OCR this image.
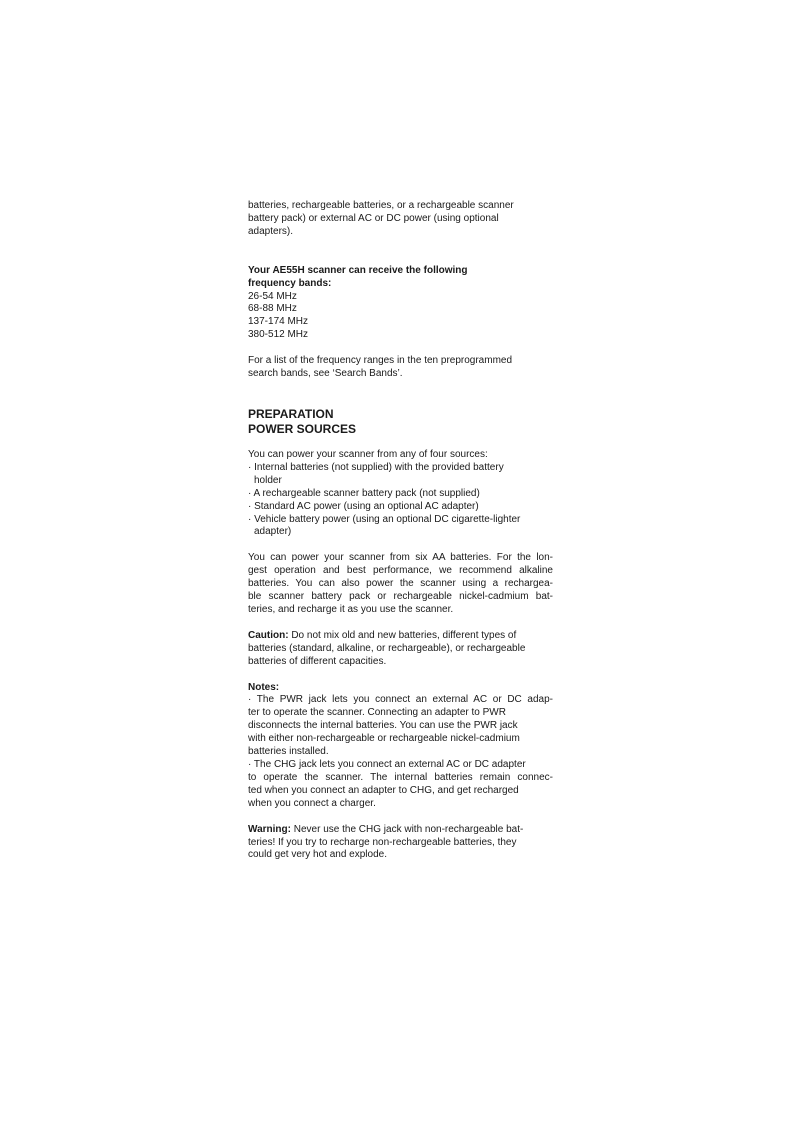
batteries, rechargeable batteries, or a rechargeable scanner
battery pack) or external AC or DC power (using optional
adapters).
Your AE55H scanner can receive the following
frequency bands:
26-54 MHz
68-88 MHz
137-174 MHz
380-512 MHz
For a list of the frequency ranges in the ten preprogrammed
search bands, see ‘Search Bands’.
PREPARATION
POWER SOURCES
You can power your scanner from any of four sources:
· Internal batteries (not supplied) with the provided battery
holder
· A rechargeable scanner battery pack (not supplied)
· Standard AC power (using an optional AC adapter)
· Vehicle battery power (using an optional DC cigarette-lighter
adapter)
You can power your scanner from six AA batteries. For the lon-
gest operation and best performance, we recommend alkaline
batteries. You can also power the scanner using a rechargea-
ble scanner battery pack or rechargeable nickel-cadmium bat-
teries, and recharge it as you use the scanner.
Caution: Do not mix old and new batteries, different types of
batteries (standard, alkaline, or rechargeable), or rechargeable
batteries of different capacities.
Notes:
· The PWR jack lets you connect an external AC or DC adap-
ter to operate the scanner. Connecting an adapter to PWR
disconnects the internal batteries. You can use the PWR jack
with either non-rechargeable or rechargeable nickel-cadmium
batteries installed.
· The CHG jack lets you connect an external AC or DC adapter
to operate the scanner. The internal batteries remain connec-
ted when you connect an adapter to CHG, and get recharged
when you connect a charger.
Warning: Never use the CHG jack with non-rechargeable bat-
teries! If you try to recharge non-rechargeable batteries, they
could get very hot and explode.
